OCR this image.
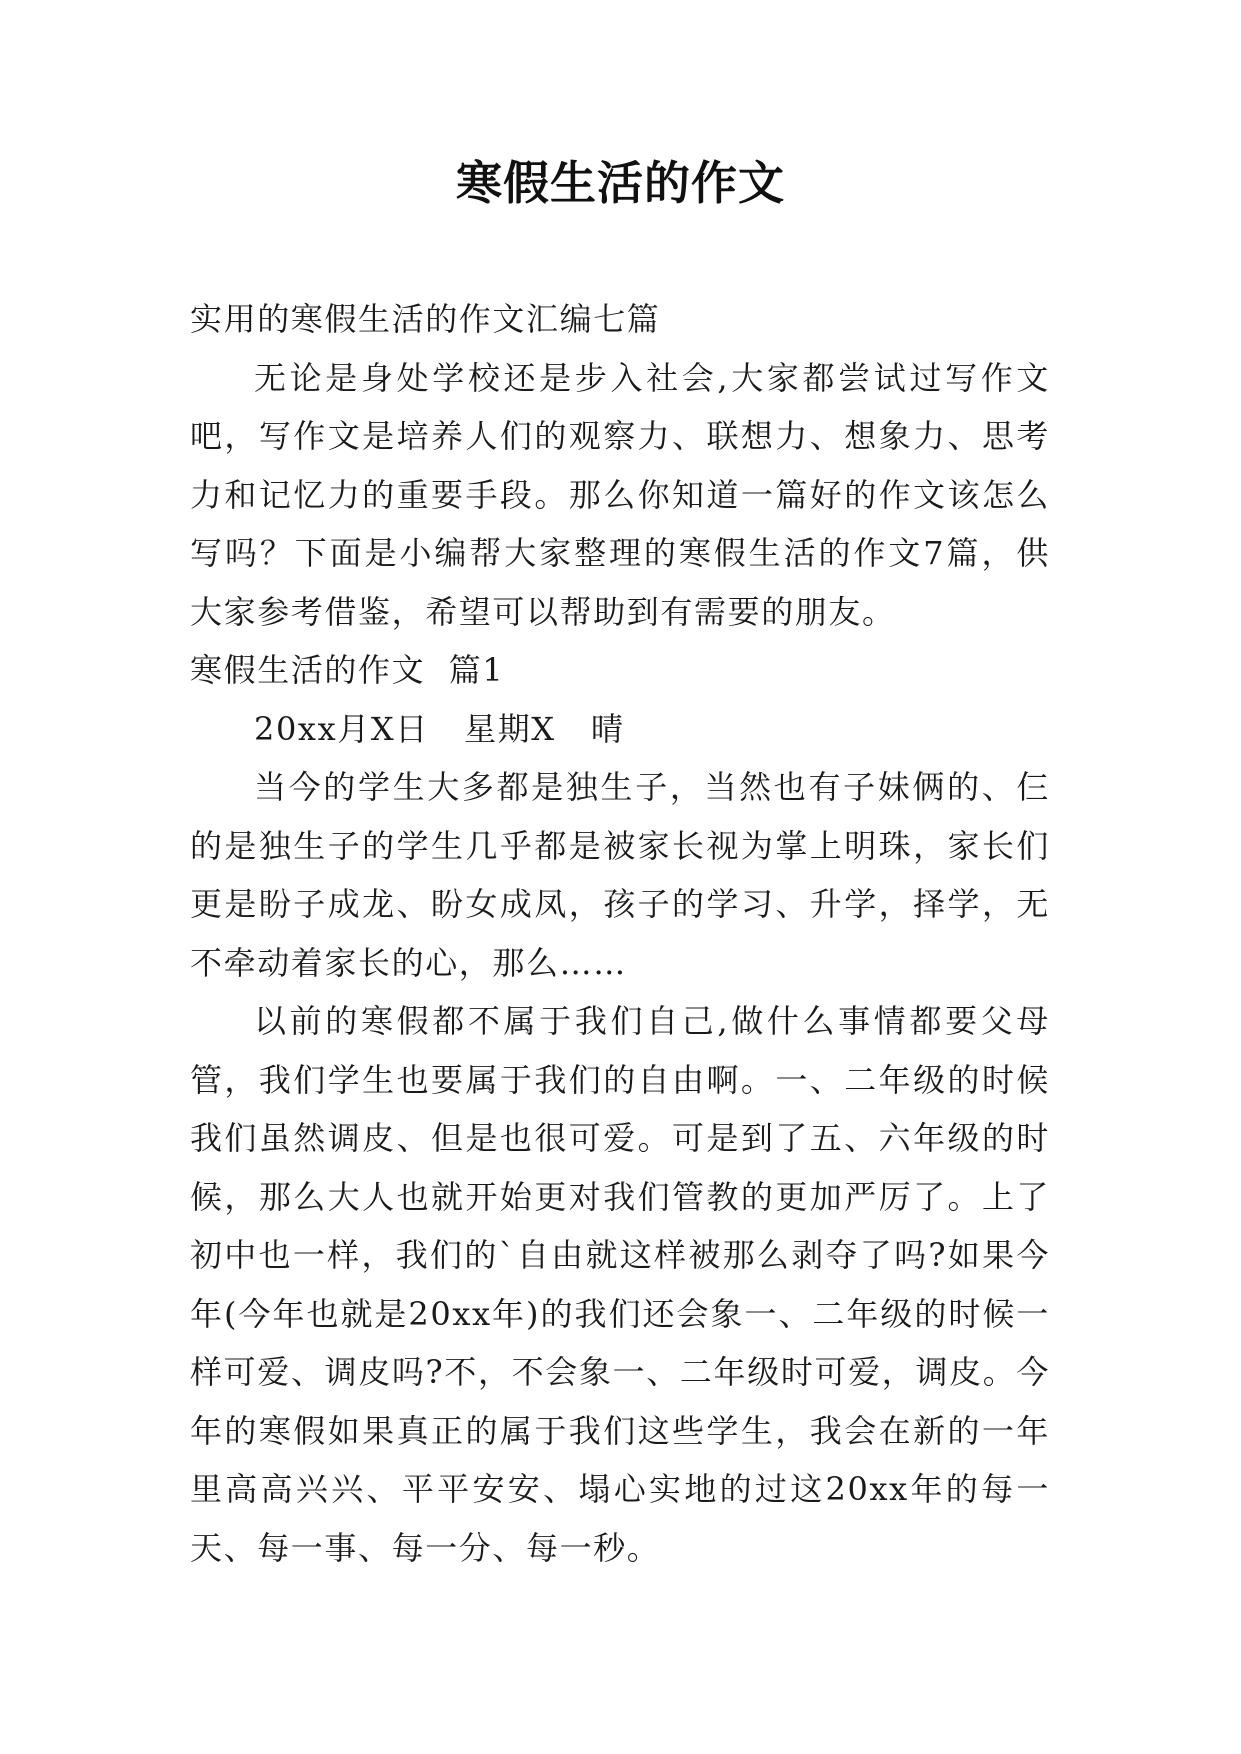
寒假生活的作文

实用的寒假生活的作文汇编七篇

无论是身处学校还是步入社会,大家都尝试过写作文吧，写作文是培养人们的观察力、联想力、想象力、思考力和记忆力的重要手段。那么你知道一篇好的作文该怎么写吗？下面是小编帮大家整理的寒假生活的作文7篇，供大家参考借鉴，希望可以帮助到有需要的朋友。

寒假生活的作文  篇1

20xx月X日   星期X   晴

当今的学生大多都是独生子，当然也有子妹俩的、仨的是独生子的学生几乎都是被家长视为掌上明珠，家长们更是盼子成龙、盼女成凤，孩子的学习、升学，择学，无不牵动着家长的心，那么……

以前的寒假都不属于我们自己,做什么事情都要父母管，我们学生也要属于我们的自由啊。一、二年级的时候我们虽然调皮、但是也很可爱。可是到了五、六年级的时候，那么大人也就开始更对我们管教的更加严厉了。上了初中也一样，我们的`自由就这样被那么剥夺了吗?如果今年(今年也就是20xx年)的我们还会象一、二年级的时候一样可爱、调皮吗?不，不会象一、二年级时可爱，调皮。今年的寒假如果真正的属于我们这些学生，我会在新的一年里高高兴兴、平平安安、塌心实地的过这20xx年的每一天、每一事、每一分、每一秒。
